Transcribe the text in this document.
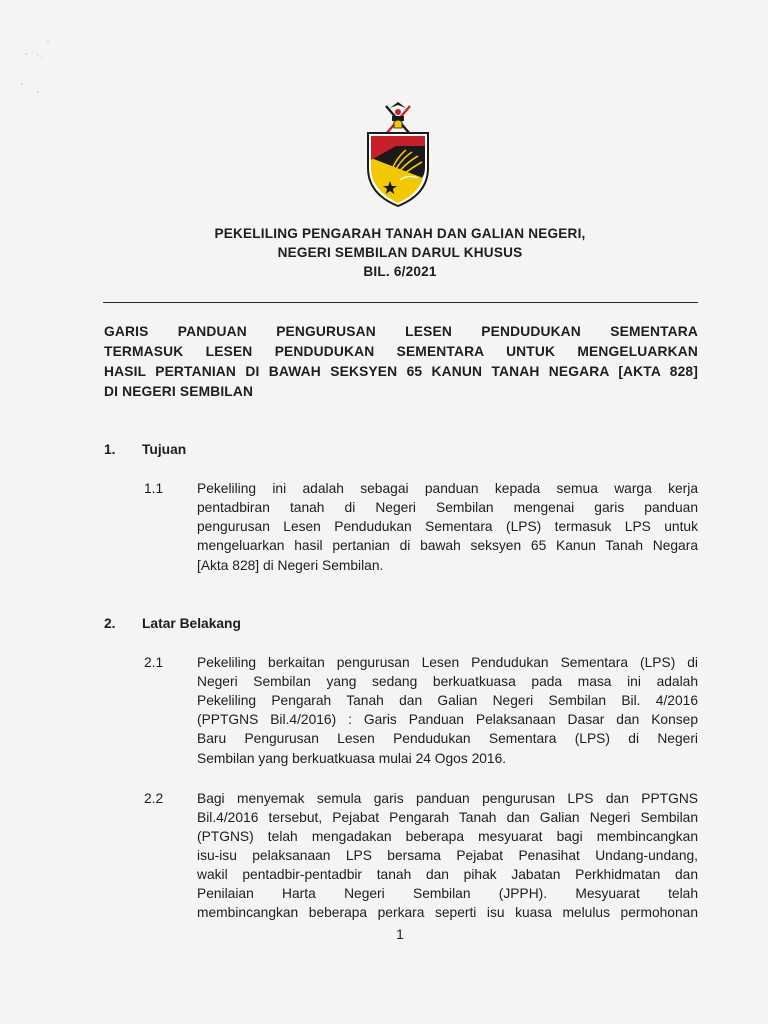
PEKELILING PENGARAH TANAH DAN GALIAN NEGERI,
NEGERI SEMBILAN DARUL KHUSUS
BIL. 6/2021
GARIS PANDUAN PENGURUSAN LESEN PENDUDUKAN SEMENTARA
TERMASUK LESEN PENDUDUKAN SEMENTARA UNTUK MENGELUARKAN
HASIL PERTANIAN DI BAWAH SEKSYEN 65 KANUN TANAH NEGARA [AKTA 828]
DI NEGERI SEMBILAN
1. Tujuan
1.1 Pekeliling ini adalah sebagai panduan kepada semua warga kerja
pentadbiran tanah di Negeri Sembilan mengenai garis panduan
pengurusan Lesen Pendudukan Sementara (LPS) termasuk LPS untuk
mengeluarkan hasil pertanian di bawah seksyen 65 Kanun Tanah Negara
[Akta 828] di Negeri Sembilan.
2. Latar Belakang
2.1 Pekeliling berkaitan pengurusan Lesen Pendudukan Sementara (LPS) di
Negeri Sembilan yang sedang berkuatkuasa pada masa ini adalah
Pekeliling Pengarah Tanah dan Galian Negeri Sembilan Bil. 4/2016
(PPTGNS Bil.4/2016) : Garis Panduan Pelaksanaan Dasar dan Konsep
Baru Pengurusan Lesen Pendudukan Sementara (LPS) di Negeri
Sembilan yang berkuatkuasa mulai 24 Ogos 2016.
2.2 Bagi menyemak semula garis panduan pengurusan LPS dan PPTGNS
Bil.4/2016 tersebut, Pejabat Pengarah Tanah dan Galian Negeri Sembilan
(PTGNS) telah mengadakan beberapa mesyuarat bagi membincangkan
isu-isu pelaksanaan LPS bersama Pejabat Penasihat Undang-undang,
wakil pentadbir-pentadbir tanah dan pihak Jabatan Perkhidmatan dan
Penilaian Harta Negeri Sembilan (JPPH). Mesyuarat telah
membincangkan beberapa perkara seperti isu kuasa melulus permohonan
1
